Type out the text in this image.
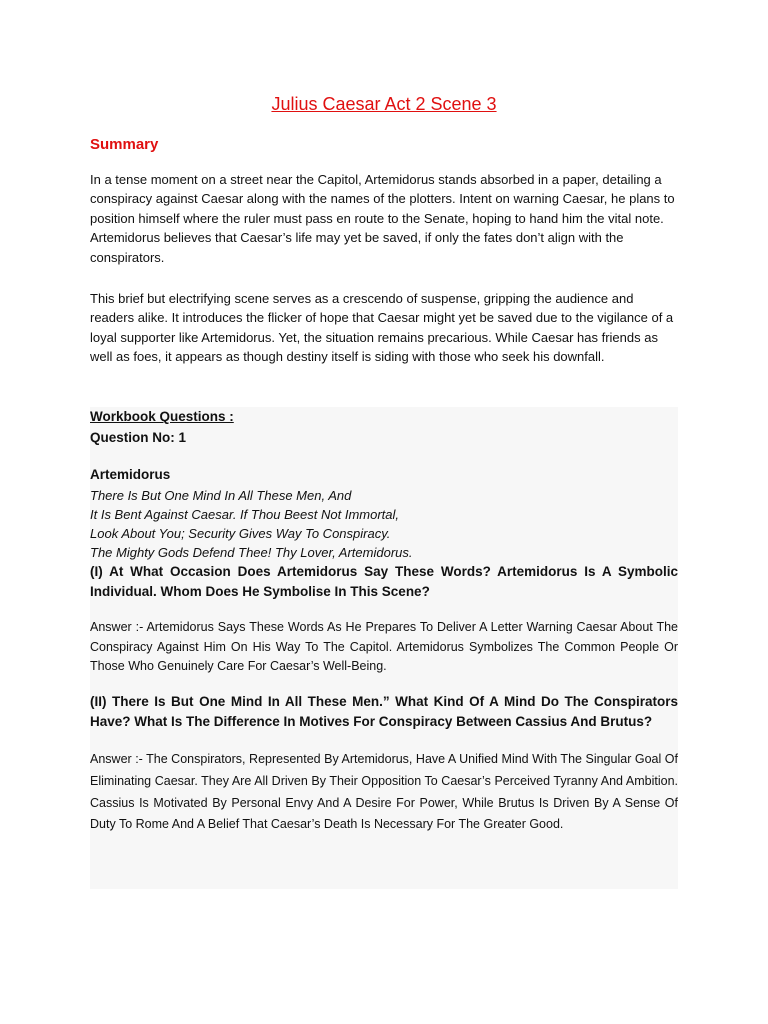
Julius Caesar Act 2 Scene 3
Summary

In a tense moment on a street near the Capitol, Artemidorus stands absorbed in a paper, detailing a conspiracy against Caesar along with the names of the plotters. Intent on warning Caesar, he plans to position himself where the ruler must pass en route to the Senate, hoping to hand him the vital note. Artemidorus believes that Caesar’s life may yet be saved, if only the fates don’t align with the conspirators.

This brief but electrifying scene serves as a crescendo of suspense, gripping the audience and readers alike. It introduces the flicker of hope that Caesar might yet be saved due to the vigilance of a loyal supporter like Artemidorus. Yet, the situation remains precarious. While Caesar has friends as well as foes, it appears as though destiny itself is siding with those who seek his downfall.

Workbook Questions :

Question No: 1

Artemidorus

There Is But One Mind In All These Men, And

It Is Bent Against Caesar. If Thou Beest Not Immortal,

Look About You; Security Gives Way To Conspiracy.

The Mighty Gods Defend Thee! Thy Lover, Artemidorus.

(I) At What Occasion Does Artemidorus Say These Words? Artemidorus Is A Symbolic Individual. Whom Does He Symbolise In This Scene?

Answer :- Artemidorus Says These Words As He Prepares To Deliver A Letter Warning Caesar About The Conspiracy Against Him On His Way To The Capitol. Artemidorus Symbolizes The Common People Or Those Who Genuinely Care For Caesar’s Well-Being.

(II) There Is But One Mind In All These Men.” What Kind Of A Mind Do The Conspirators Have? What Is The Difference In Motives For Conspiracy Between Cassius And Brutus?

Answer :- The Conspirators, Represented By Artemidorus, Have A Unified Mind With The Singular Goal Of Eliminating Caesar. They Are All Driven By Their Opposition To Caesar’s Perceived Tyranny And Ambition. Cassius Is Motivated By Personal Envy And A Desire For Power, While Brutus Is Driven By A Sense Of Duty To Rome And A Belief That Caesar’s Death Is Necessary For The Greater Good.
